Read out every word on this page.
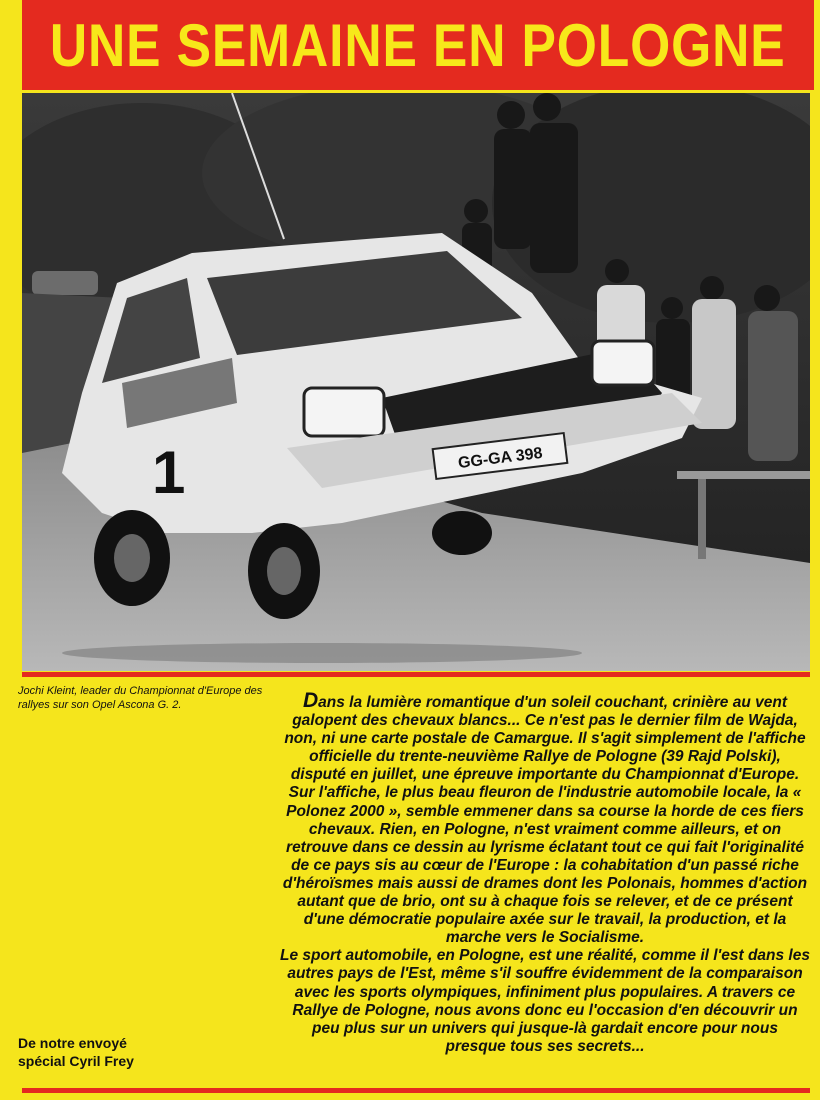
UNE SEMAINE EN POLOGNE
GG-GA 398
1
Jochi Kleint, leader du Championnat d'Europe des rallyes sur son Opel Ascona G. 2.	Dans la lumière romantique d'un soleil couchant, crinière au vent galopent des chevaux blancs... Ce n'est pas le dernier film de Wajda, non, ni une carte postale de Camargue. Il s'agit simplement de l'affiche officielle du trente-neuvième Rallye de Pologne (39 Rajd Polski), disputé en juillet, une épreuve importante du Championnat d'Europe. Sur l'affiche, le plus beau fleuron de l'industrie automobile locale, la « Polonez 2000 », semble emmener dans sa course la horde de ces fiers chevaux. Rien, en Pologne, n'est vraiment comme ailleurs, et on retrouve dans ce dessin au lyrisme éclatant tout ce qui fait l'originalité de ce pays sis au cœur de l'Europe : la cohabitation d'un passé riche d'héroïsmes mais aussi de drames dont les Polonais, hommes d'action autant que de brio, ont su à chaque fois se relever, et de ce présent d'une démocratie populaire axée sur le travail, la production, et la marche vers le Socialisme.

Le sport automobile, en Pologne, est une réalité, comme il l'est dans les autres pays de l'Est, même s'il souffre évidemment de la comparaison avec les sports olympiques, infiniment plus populaires. A travers ce Rallye de Pologne, nous avons donc eu l'occasion d'en découvrir un peu plus sur un univers qui jusque-là gardait encore pour nous presque tous ses secrets...

De notre envoyé
spécial Cyril Frey
